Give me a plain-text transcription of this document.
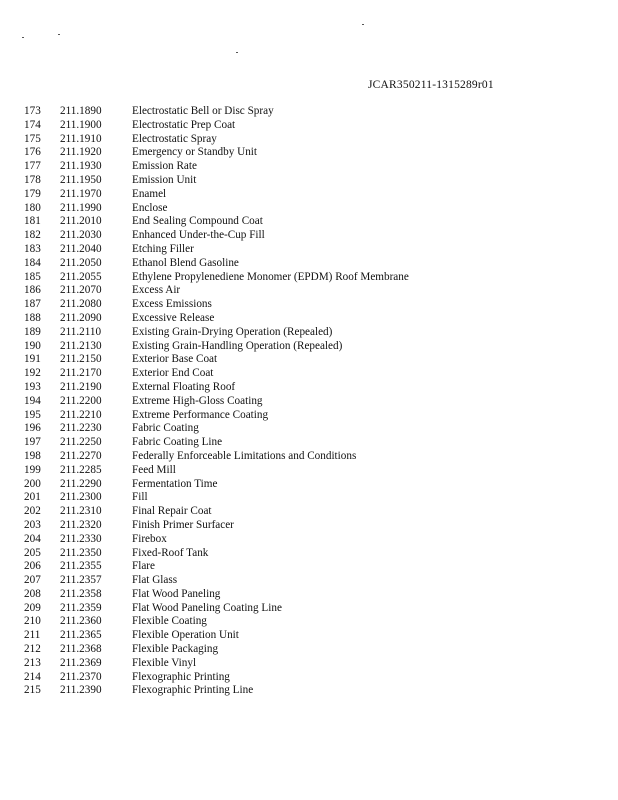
JCAR350211-1315289r01
173 211.1890	Electrostatic Bell or Disc Spray
174 211.1900	Electrostatic Prep Coat
175 211.1910	Electrostatic Spray
176 211.1920	Emergency or Standby Unit
177 211.1930	Emission Rate
178 211.1950	Emission Unit
179 211.1970	Enamel
180 211.1990	Enclose
181 211.2010	End Sealing Compound Coat
182 211.2030	Enhanced Under-the-Cup Fill
183 211.2040	Etching Filler
184 211.2050	Ethanol Blend Gasoline
185 211.2055	Ethylene Propylenediene Monomer (EPDM) Roof Membrane
186 211.2070	Excess Air
187 211.2080	Excess Emissions
188 211.2090	Excessive Release
189 211.2110	Existing Grain-Drying Operation (Repealed)
190 211.2130	Existing Grain-Handling Operation (Repealed)
191 211.2150	Exterior Base Coat
192 211.2170	Exterior End Coat
193 211.2190	External Floating Roof
194 211.2200	Extreme High-Gloss Coating
195 211.2210	Extreme Performance Coating
196 211.2230	Fabric Coating
197 211.2250	Fabric Coating Line
198 211.2270	Federally Enforceable Limitations and Conditions
199 211.2285	Feed Mill
200 211.2290	Fermentation Time
201 211.2300	Fill
202 211.2310	Final Repair Coat
203 211.2320	Finish Primer Surfacer
204 211.2330	Firebox
205 211.2350	Fixed-Roof Tank
206 211.2355	Flare
207 211.2357	Flat Glass
208 211.2358	Flat Wood Paneling
209 211.2359	Flat Wood Paneling Coating Line
210 211.2360	Flexible Coating
211 211.2365	Flexible Operation Unit
212 211.2368	Flexible Packaging
213 211.2369	Flexible Vinyl
214 211.2370	Flexographic Printing
215 211.2390	Flexographic Printing Line
